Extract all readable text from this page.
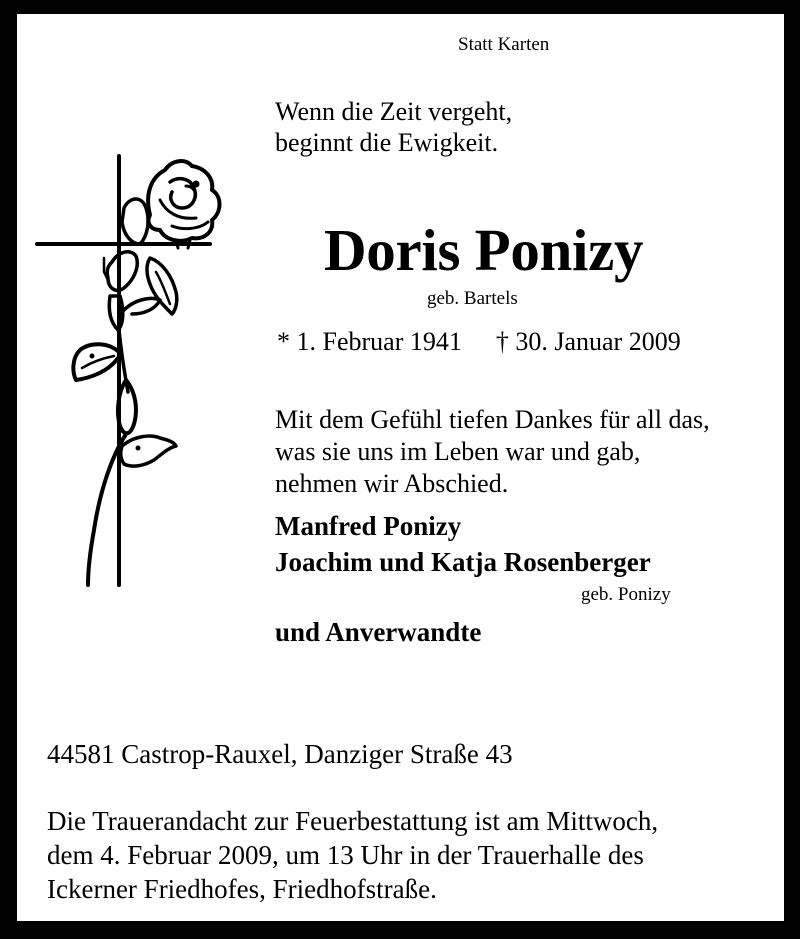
Statt Karten
Wenn die Zeit vergeht,
beginnt die Ewigkeit.
Doris Ponizy
geb. Bartels
* 1. Februar 1941 † 30. Januar 2009
Mit dem Gefühl tiefen Dankes für all das,
was sie uns im Leben war und gab,
nehmen wir Abschied.
Manfred Ponizy
Joachim und Katja Rosenberger
geb. Ponizy
und Anverwandte
44581 Castrop-Rauxel, Danziger Straße 43
Die Trauerandacht zur Feuerbestattung ist am Mittwoch,
dem 4. Februar 2009, um 13 Uhr in der Trauerhalle des
Ickerner Friedhofes, Friedhofstraße.
